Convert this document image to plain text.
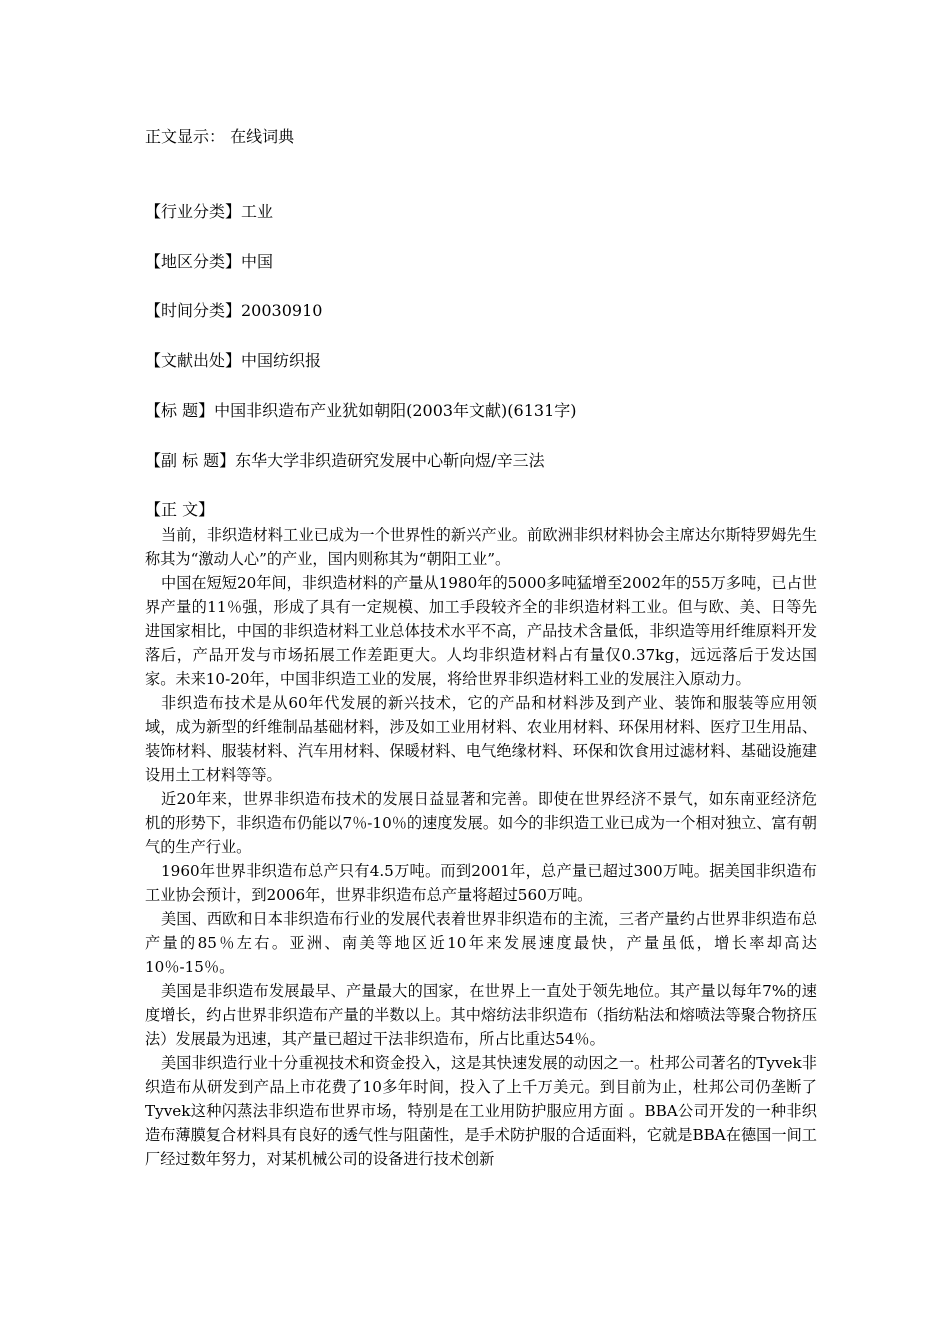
正文显示： 在线词典
【行业分类】工业
【地区分类】中国
【时间分类】20030910
【文献出处】中国纺织报
【标 题】中国非织造布产业犹如朝阳(2003年文献)(6131字)
【副 标 题】东华大学非织造研究发展中心靳向煜/辛三法
【正 文】

当前，非织造材料工业已成为一个世界性的新兴产业。前欧洲非织材料协会主席达尔斯特罗姆先生称其为“激动人心”的产业，国内则称其为“朝阳工业”。

中国在短短20年间，非织造材料的产量从1980年的5000多吨猛增至2002年的55万多吨，已占世界产量的11％强，形成了具有一定规模、加工手段较齐全的非织造材料工业。但与欧、美、日等先进国家相比，中国的非织造材料工业总体技术水平不高，产品技术含量低，非织造等用纤维原料开发落后，产品开发与市场拓展工作差距更大。人均非织造材料占有量仅0.37kg，远远落后于发达国家。未来10-20年，中国非织造工业的发展，将给世界非织造材料工业的发展注入原动力。

非织造布技术是从60年代发展的新兴技术，它的产品和材料涉及到产业、装饰和服装等应用领域，成为新型的纤维制品基础材料，涉及如工业用材料、农业用材料、环保用材料、医疗卫生用品、装饰材料、服装材料、汽车用材料、保暖材料、电气绝缘材料、环保和饮食用过滤材料、基础设施建设用土工材料等等。

近20年来，世界非织造布技术的发展日益显著和完善。即使在世界经济不景气，如东南亚经济危机的形势下，非织造布仍能以7％-10％的速度发展。如今的非织造工业已成为一个相对独立、富有朝气的生产行业。

1960年世界非织造布总产只有4.5万吨。而到2001年，总产量已超过300万吨。据美国非织造布工业协会预计，到2006年，世界非织造布总产量将超过560万吨。

美国、西欧和日本非织造布行业的发展代表着世界非织造布的主流，三者产量约占世界非织造布总产量的85％左右。亚洲、南美等地区近10年来发展速度最快，产量虽低，增长率却高达10％-15％。

美国是非织造布发展最早、产量最大的国家，在世界上一直处于领先地位。其产量以每年7%的速度增长，约占世界非织造布产量的半数以上。其中熔纺法非织造布（指纺粘法和熔喷法等聚合物挤压法）发展最为迅速，其产量已超过干法非织造布，所占比重达54％。

美国非织造行业十分重视技术和资金投入，这是其快速发展的动因之一。杜邦公司著名的Tyvek非织造布从研发到产品上市花费了10多年时间，投入了上千万美元。到目前为止，杜邦公司仍垄断了Tyvek这种闪蒸法非织造布世界市场，特别是在工业用防护服应用方面 。BBA公司开发的一种非织造布薄膜复合材料具有良好的透气性与阻菌性，是手术防护服的合适面料，它就是BBA在德国一间工厂经过数年努力，对某机械公司的设备进行技术创新
